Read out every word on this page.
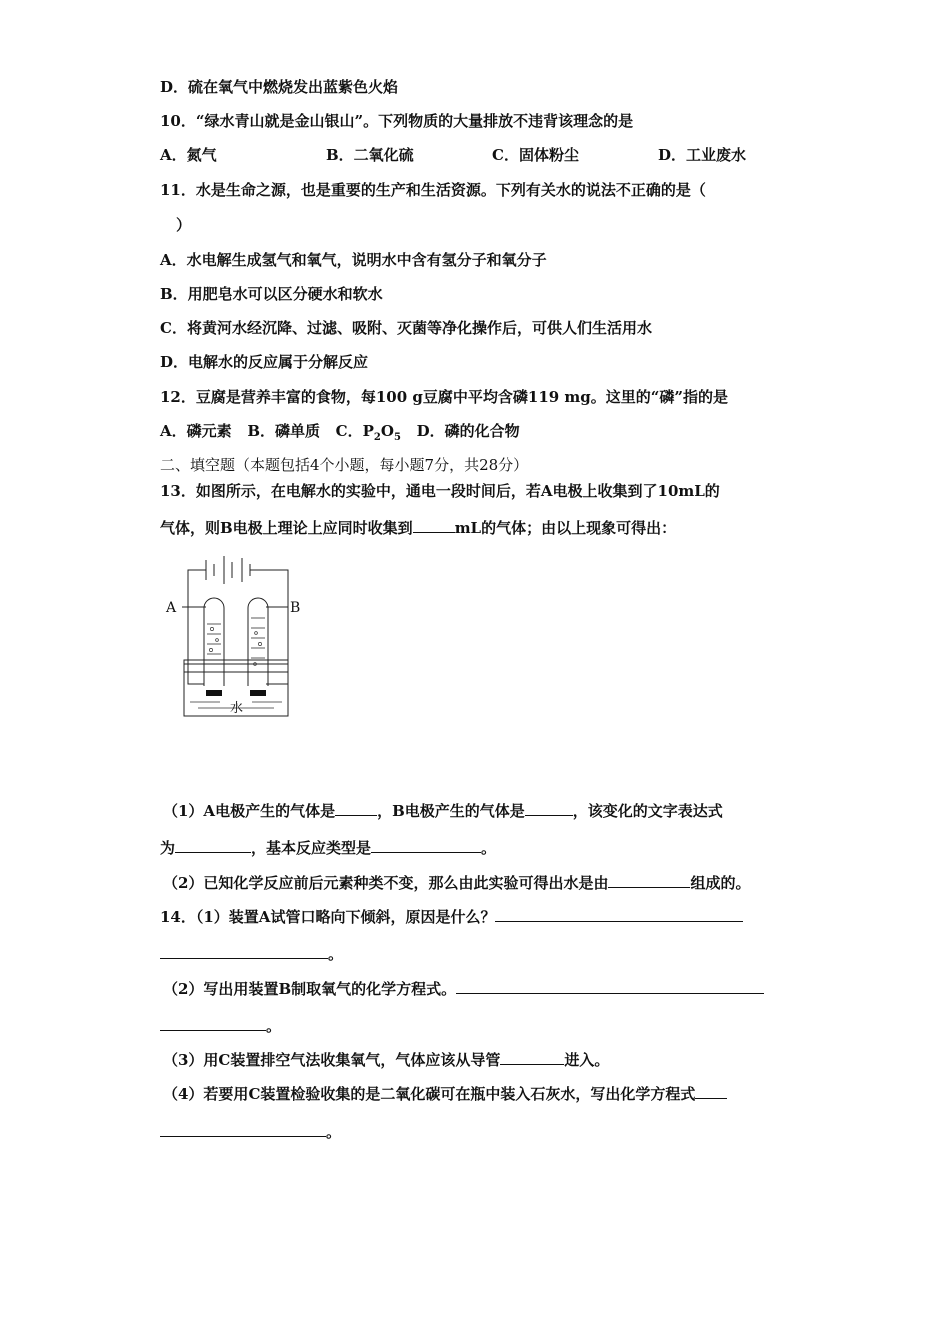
D．硫在氧气中燃烧发出蓝紫色火焰
10．“绿水青山就是金山银山”。下列物质的大量排放不违背该理念的是
A．氮气	B．二氧化硫	C．固体粉尘	D．工业废水
11．水是生命之源，也是重要的生产和生活资源。下列有关水的说法不正确的是（
）
A．水电解生成氢气和氧气，说明水中含有氢分子和氧分子
B．用肥皂水可以区分硬水和软水
C．将黄河水经沉降、过滤、吸附、灭菌等净化操作后，可供人们生活用水
D．电解水的反应属于分解反应
12．豆腐是营养丰富的食物，每100 g豆腐中平均含磷119 mg。这里的“磷”指的是
A．磷元素 B．磷单质 C．$P_2O_5$ D．磷的化合物
二、填空题（本题包括4个小题，每小题7分，共28分）
13．如图所示，在电解水的实验中，通电一段时间后，若A电极上收集到了10mL的
气体，则B电极上理论上应同时收集到	mL的气体；由以上现象可得出：
A	B
水
（1）A电极产生的气体是	，B电极产生的气体是	，该变化的文字表达式
为	，基本反应类型是	。
（2）已知化学反应前后元素种类不变，那么由此实验可得出水是由	组成的。
14．（1）装置A试管口略向下倾斜，原因是什么？
。
（2）写出用装置B制取氧气的化学方程式。
。
（3）用C装置排空气法收集氧气，气体应该从导管	进入。
（4）若要用C装置检验收集的是二氧化碳可在瓶中装入石灰水，写出化学方程式
。
